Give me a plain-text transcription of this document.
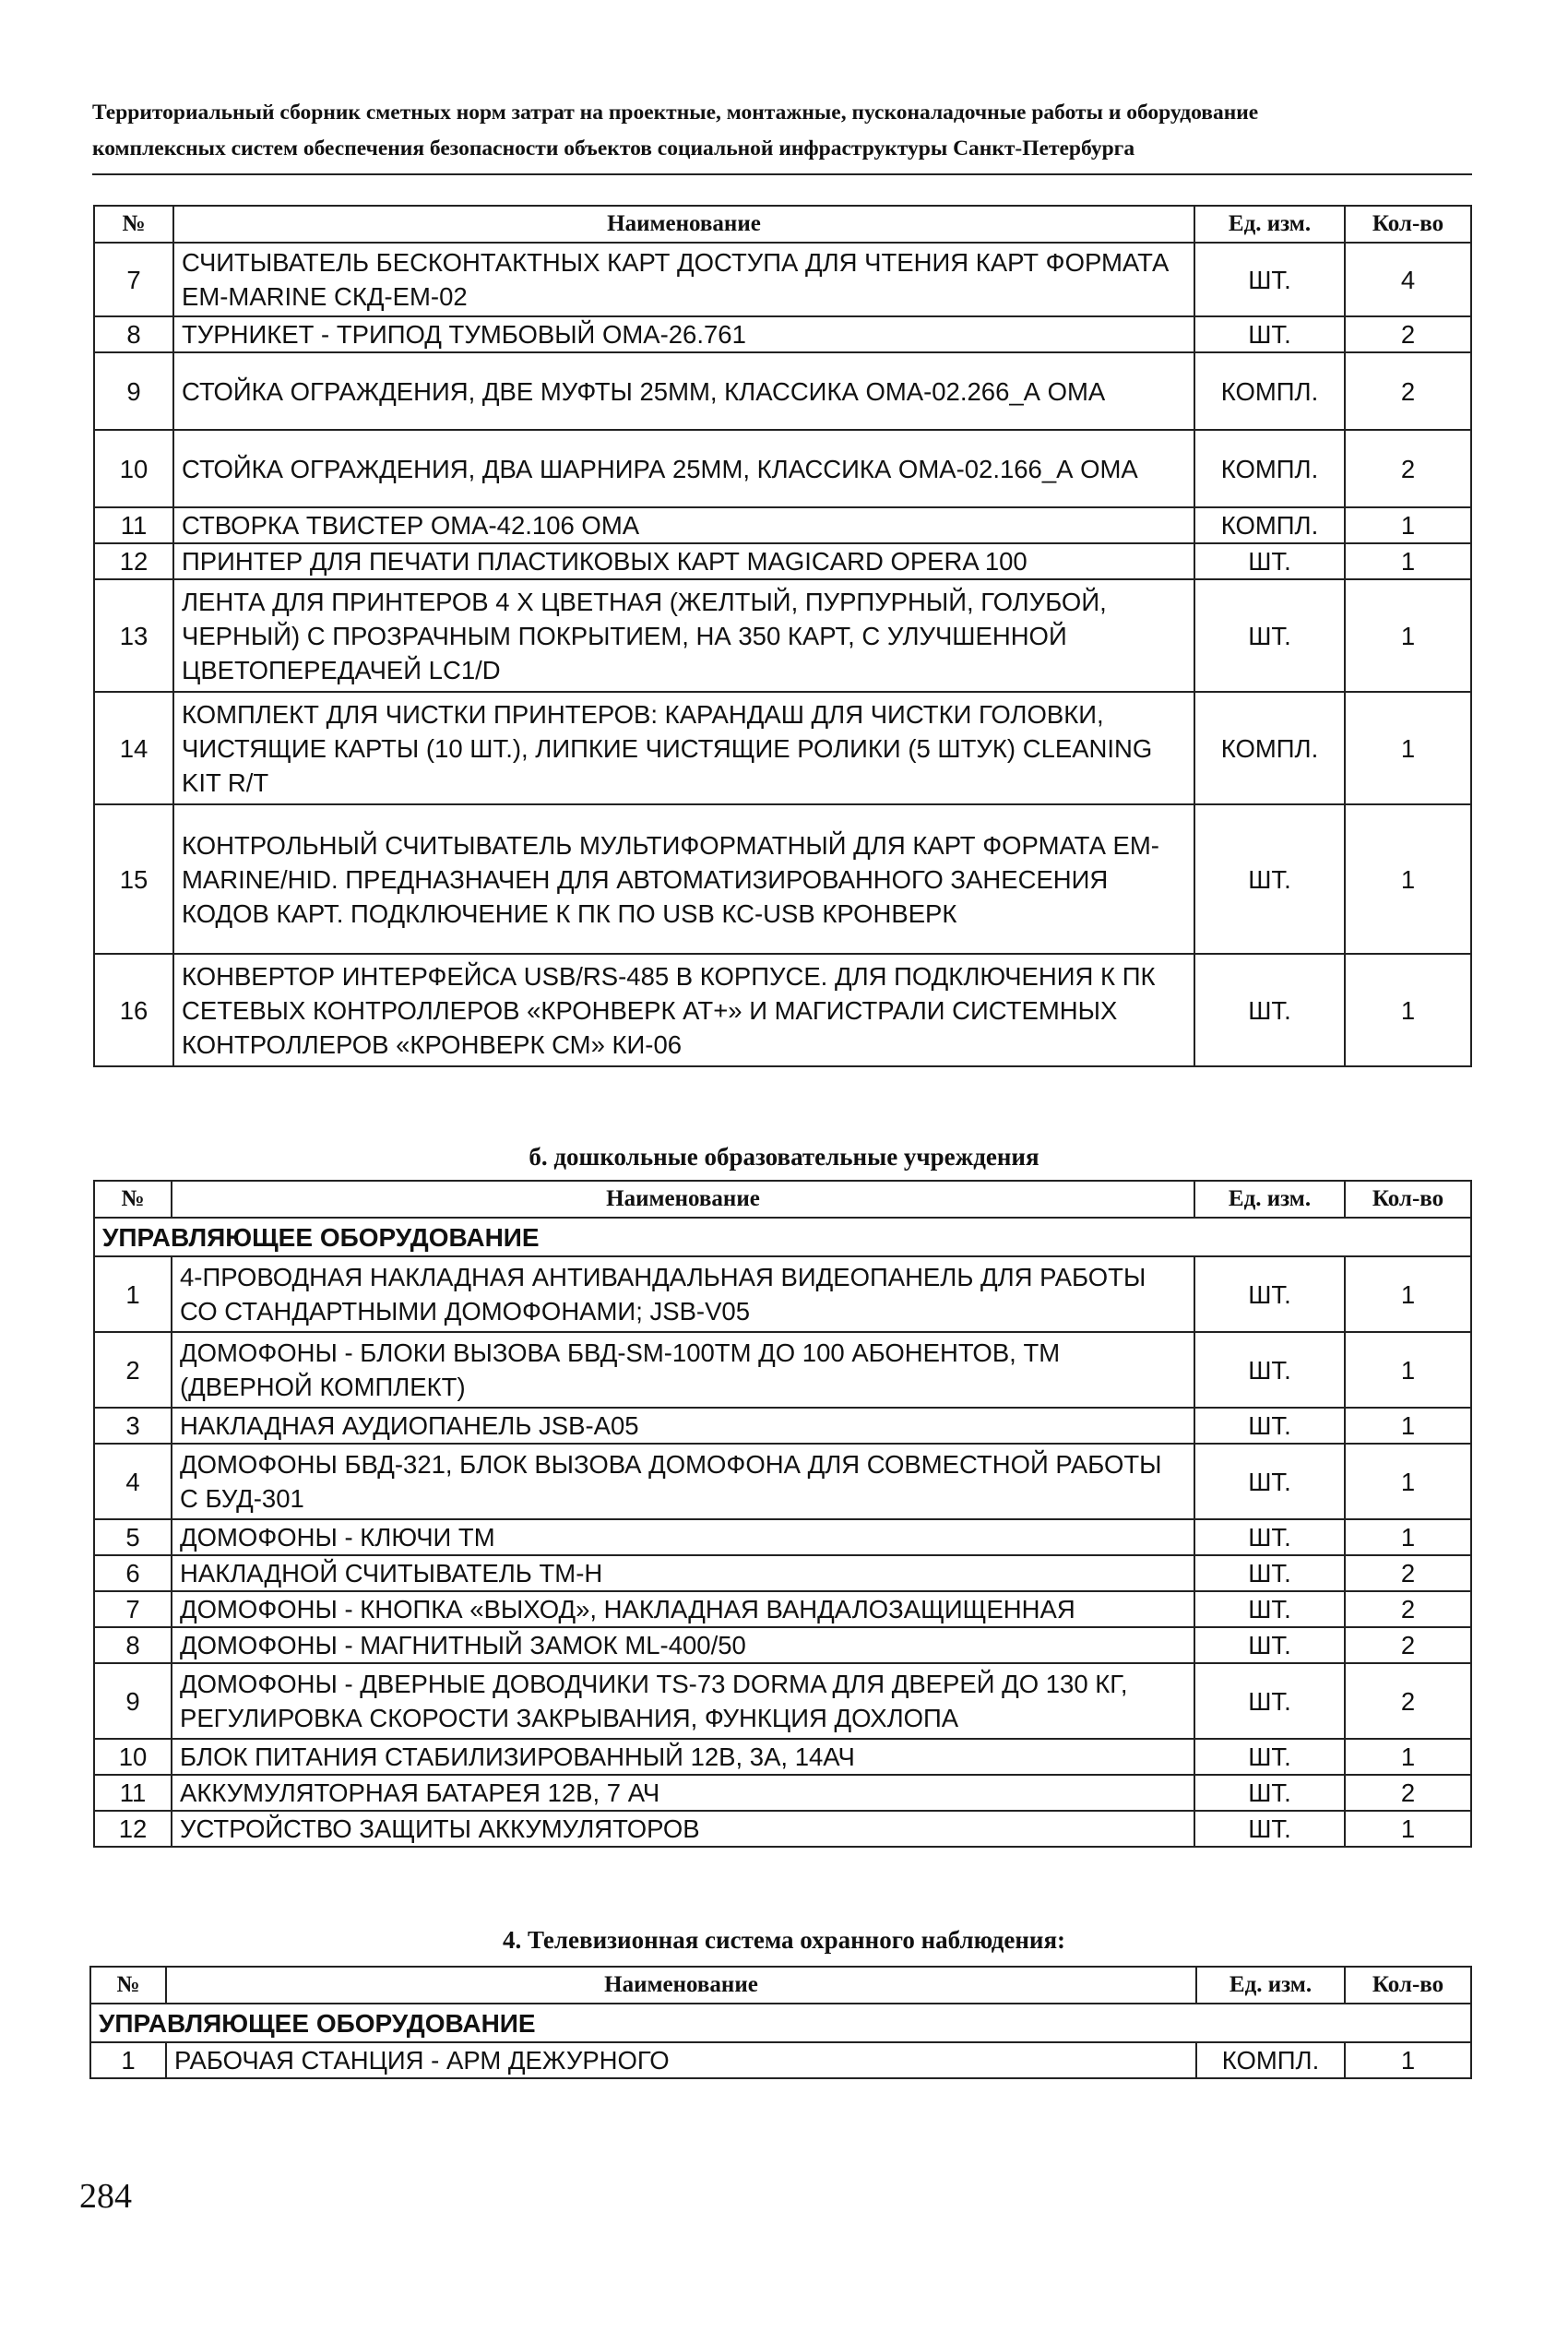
Территориальный сборник сметных норм затрат на проектные, монтажные, пусконаладочные работы и оборудование
комплексных систем обеспечения безопасности объектов социальной инфраструктуры Санкт-Петербурга
№	Наименование	Ед. изм.	Кол-во
7	СЧИТЫВАТЕЛЬ БЕСКОНТАКТНЫХ КАРТ ДОСТУПА ДЛЯ ЧТЕНИЯ КАРТ ФОРМАТА EM-MARINE СКД-EM-02	ШТ.	4
8	ТУРНИКЕТ - ТРИПОД ТУМБОВЫЙ ОМА-26.761	ШТ.	2
9	СТОЙКА ОГРАЖДЕНИЯ, ДВЕ МУФТЫ 25ММ, КЛАССИКА ОМА-02.266_А ОМА	КОМПЛ.	2
10	СТОЙКА ОГРАЖДЕНИЯ, ДВА ШАРНИРА 25ММ, КЛАССИКА ОМА-02.166_А ОМА	КОМПЛ.	2
11	СТВОРКА ТВИСТЕР ОМА-42.106 ОМА	КОМПЛ.	1
12	ПРИНТЕР ДЛЯ ПЕЧАТИ ПЛАСТИКОВЫХ КАРТ MAGICARD OPERA 100	ШТ.	1
13	ЛЕНТА ДЛЯ ПРИНТЕРОВ 4 Х ЦВЕТНАЯ (ЖЕЛТЫЙ, ПУРПУРНЫЙ, ГОЛУБОЙ, ЧЕРНЫЙ) С ПРОЗРАЧНЫМ ПОКРЫТИЕМ, НА 350 КАРТ, С УЛУЧШЕННОЙ ЦВЕТОПЕРЕДАЧЕЙ LC1/D	ШТ.	1
14	КОМПЛЕКТ ДЛЯ ЧИСТКИ ПРИНТЕРОВ: КАРАНДАШ ДЛЯ ЧИСТКИ ГОЛОВКИ, ЧИСТЯЩИЕ КАРТЫ (10 ШТ.), ЛИПКИЕ ЧИСТЯЩИЕ РОЛИКИ (5 ШТУК) CLEANING KIT R/T	КОМПЛ.	1
15	КОНТРОЛЬНЫЙ СЧИТЫВАТЕЛЬ МУЛЬТИФОРМАТНЫЙ ДЛЯ КАРТ ФОРМАТА EM-MARINE/HID. ПРЕДНАЗНАЧЕН ДЛЯ АВТОМАТИЗИРОВАННОГО ЗАНЕСЕНИЯ КОДОВ КАРТ. ПОДКЛЮЧЕНИЕ К ПК ПО USB КС-USB КРОНВЕРК	ШТ.	1
16	КОНВЕРТОР ИНТЕРФЕЙСА USB/RS-485 В КОРПУСЕ. ДЛЯ ПОДКЛЮЧЕНИЯ К ПК СЕТЕВЫХ КОНТРОЛЛЕРОВ «КРОНВЕРК AT+» И МАГИСТРАЛИ СИСТЕМНЫХ КОНТРОЛЛЕРОВ «КРОНВЕРК СМ» КИ-06	ШТ.	1
б. дошкольные образовательные учреждения
№	Наименование	Ед. изм.	Кол-во
УПРАВЛЯЮЩЕЕ ОБОРУДОВАНИЕ			
1	4-ПРОВОДНАЯ НАКЛАДНАЯ АНТИВАНДАЛЬНАЯ ВИДЕОПАНЕЛЬ ДЛЯ РАБОТЫ СО СТАНДАРТНЫМИ ДОМОФОНАМИ; JSB-V05	ШТ.	1
2	ДОМОФОНЫ - БЛОКИ ВЫЗОВА БВД-SM-100ТМ ДО 100 АБОНЕНТОВ, ТМ (ДВЕРНОЙ КОМПЛЕКТ)	ШТ.	1
3	НАКЛАДНАЯ АУДИОПАНЕЛЬ JSB-A05	ШТ.	1
4	ДОМОФОНЫ БВД-321, БЛОК ВЫЗОВА ДОМОФОНА ДЛЯ СОВМЕСТНОЙ РАБОТЫ С БУД-301	ШТ.	1
5	ДОМОФОНЫ - КЛЮЧИ ТМ	ШТ.	1
6	НАКЛАДНОЙ СЧИТЫВАТЕЛЬ ТМ-Н	ШТ.	2
7	ДОМОФОНЫ - КНОПКА «ВЫХОД», НАКЛАДНАЯ ВАНДАЛОЗАЩИЩЕННАЯ	ШТ.	2
8	ДОМОФОНЫ - МАГНИТНЫЙ ЗАМОК ML-400/50	ШТ.	2
9	ДОМОФОНЫ - ДВЕРНЫЕ ДОВОДЧИКИ TS-73 DORMA ДЛЯ ДВЕРЕЙ ДО 130 КГ, РЕГУЛИРОВКА СКОРОСТИ ЗАКРЫВАНИЯ, ФУНКЦИЯ ДОХЛОПА	ШТ.	2
10	БЛОК ПИТАНИЯ СТАБИЛИЗИРОВАННЫЙ 12В, 3А, 14АЧ	ШТ.	1
11	АККУМУЛЯТОРНАЯ БАТАРЕЯ 12В, 7 АЧ	ШТ.	2
12	УСТРОЙСТВО ЗАЩИТЫ АККУМУЛЯТОРОВ	ШТ.	1
4. Телевизионная система охранного наблюдения:
№	Наименование	Ед. изм.	Кол-во
УПРАВЛЯЮЩЕЕ ОБОРУДОВАНИЕ			
1	РАБОЧАЯ СТАНЦИЯ - АРМ ДЕЖУРНОГО	КОМПЛ.	1
284
